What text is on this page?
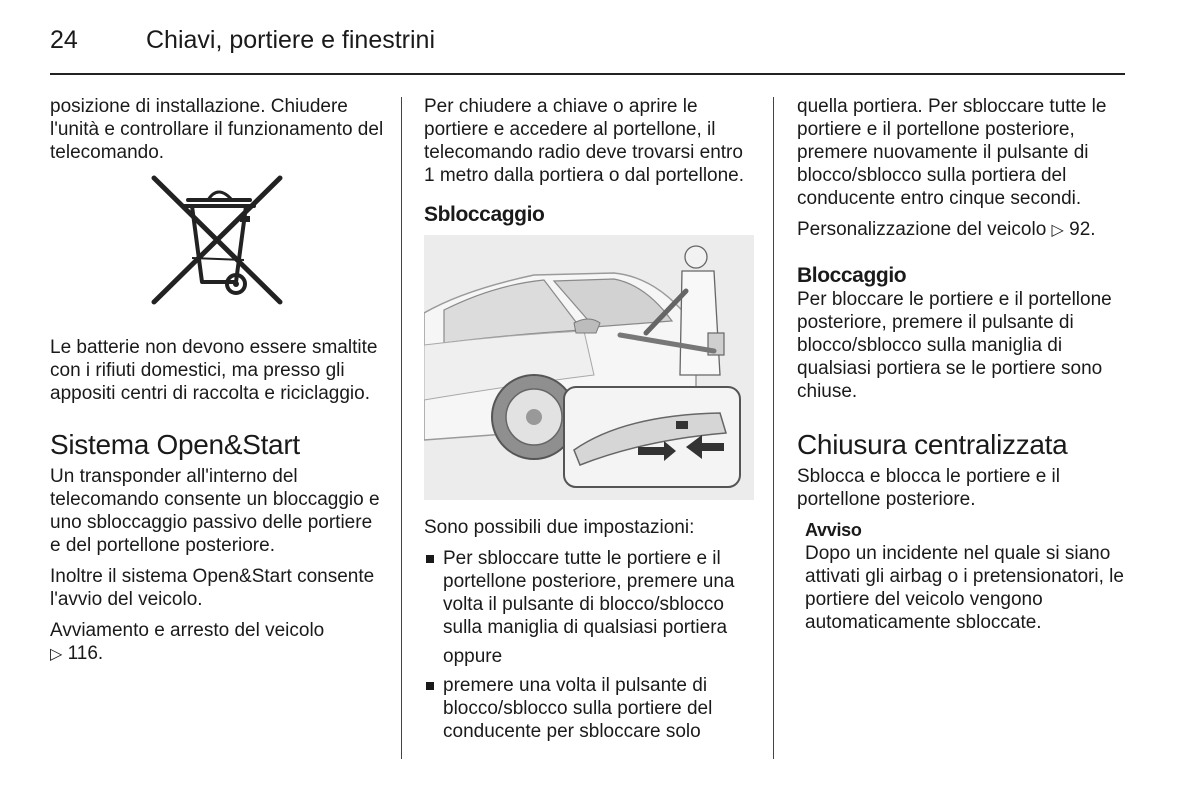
24	Chiavi, portiere e finestrini

posizione di installazione. Chiudere l'unità e controllare il funzionamento del telecomando.

Le batterie non devono essere smaltite con i rifiuti domestici, ma presso gli appositi centri di raccolta e riciclaggio.

Sistema Open&Start

Un transponder all'interno del telecomando consente un bloccaggio e uno sbloccaggio passivo delle portiere e del portellone posteriore.

Inoltre il sistema Open&Start consente l'avvio del veicolo.

Avviamento e arresto del veicolo
▷ 116.

Per chiudere a chiave o aprire le portiere e accedere al portellone, il telecomando radio deve trovarsi entro 1 metro dalla portiera o dal portellone.

Sbloccaggio

Sono possibili due impostazioni:

Per sbloccare tutte le portiere e il portellone posteriore, premere una volta il pulsante di blocco/sblocco sulla maniglia di qualsiasi portiera
oppure
premere una volta il pulsante di blocco/sblocco sulla portiere del conducente per sbloccare solo

quella portiera. Per sbloccare tutte le portiere e il portellone posteriore, premere nuovamente il pulsante di blocco/sblocco sulla portiera del conducente entro cinque secondi.

Personalizzazione del veicolo ▷ 92.

Bloccaggio

Per bloccare le portiere e il portellone posteriore, premere il pulsante di blocco/sblocco sulla maniglia di qualsiasi portiera se le portiere sono chiuse.

Chiusura centralizzata

Sblocca e blocca le portiere e il portellone posteriore.

Avviso
Dopo un incidente nel quale si siano attivati gli airbag o i pretensionatori, le portiere del veicolo vengono automaticamente sbloccate.
